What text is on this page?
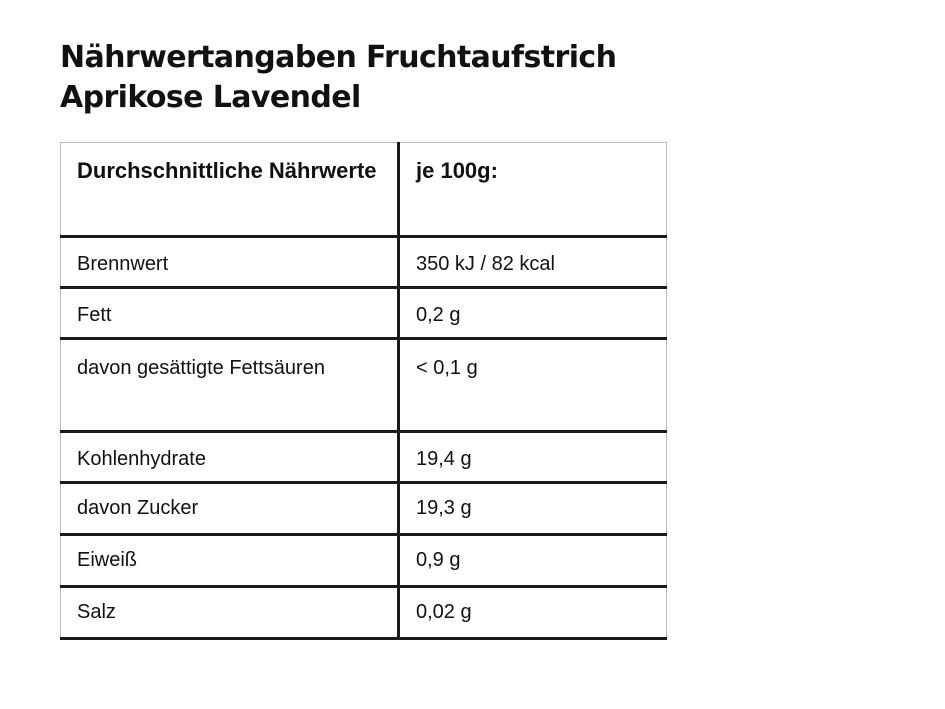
Nährwertangaben Fruchtaufstrich
Aprikose Lavendel
Durchschnittliche Nährwerte	je 100g:
Brennwert	350 kJ / 82 kcal
Fett	0,2 g
davon gesättigte Fettsäuren	< 0,1 g
Kohlenhydrate	19,4 g
davon Zucker	19,3 g
Eiweiß	0,9 g
Salz	0,02 g
